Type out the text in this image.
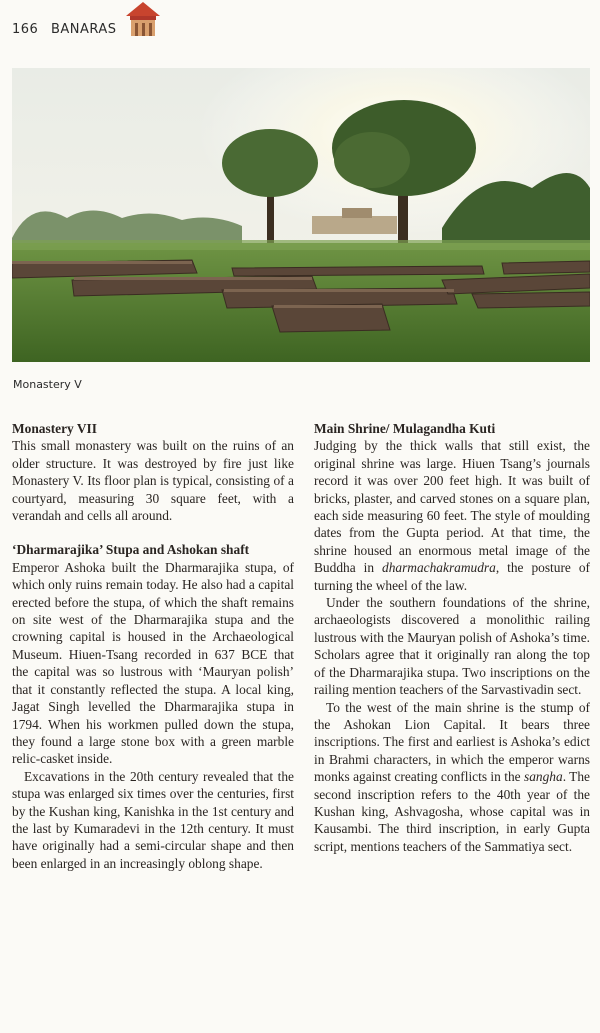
166 BANARAS
Monastery V
Monastery VII

This small monastery was built on the ruins of an older structure. It was destroyed by fire just like Monastery V. Its floor plan is typical, consisting of a courtyard, measuring 30 square feet, with a verandah and cells all around.

‘Dharmarajika’ Stupa and Ashokan shaft

Emperor Ashoka built the Dharmarajika stupa, of which only ruins remain today. He also had a capital erected before the stupa, of which the shaft remains on site west of the Dharmarajika stupa and the crowning capital is housed in the Archaeological Museum. Hiuen-Tsang recorded in 637 BCE that the capital was so lustrous with ‘Mauryan polish’ that it constantly reflected the stupa. A local king, Jagat Singh levelled the Dharmarajika stupa in 1794. When his workmen pulled down the stupa, they found a large stone box with a green marble relic-casket inside.

Excavations in the 20th century revealed that the stupa was enlarged six times over the centuries, first by the Kushan king, Kanishka in the 1st century and the last by Kumaradevi in the 12th century. It must have originally had a semi-circular shape and then been enlarged in an increasingly oblong shape.

Main Shrine/ Mulagandha Kuti

Judging by the thick walls that still exist, the original shrine was large. Hiuen Tsang’s journals record it was over 200 feet high. It was built of bricks, plaster, and carved stones on a square plan, each side measuring 60 feet. The style of moulding dates from the Gupta period. At that time, the shrine housed an enormous metal image of the Buddha in dharmachakramudra, the posture of turning the wheel of the law.

Under the southern foundations of the shrine, archaeologists discovered a monolithic railing lustrous with the Mauryan polish of Ashoka’s time. Scholars agree that it originally ran along the top of the Dharmarajika stupa. Two inscriptions on the railing mention teachers of the Sarvastivadin sect.

To the west of the main shrine is the stump of the Ashokan Lion Capital. It bears three inscriptions. The first and earliest is Ashoka’s edict in Brahmi characters, in which the emperor warns monks against creating conflicts in the sangha. The second inscription refers to the 40th year of the Kushan king, Ashvagosha, whose capital was in Kausambi. The third inscription, in early Gupta script, mentions teachers of the Sammatiya sect.
